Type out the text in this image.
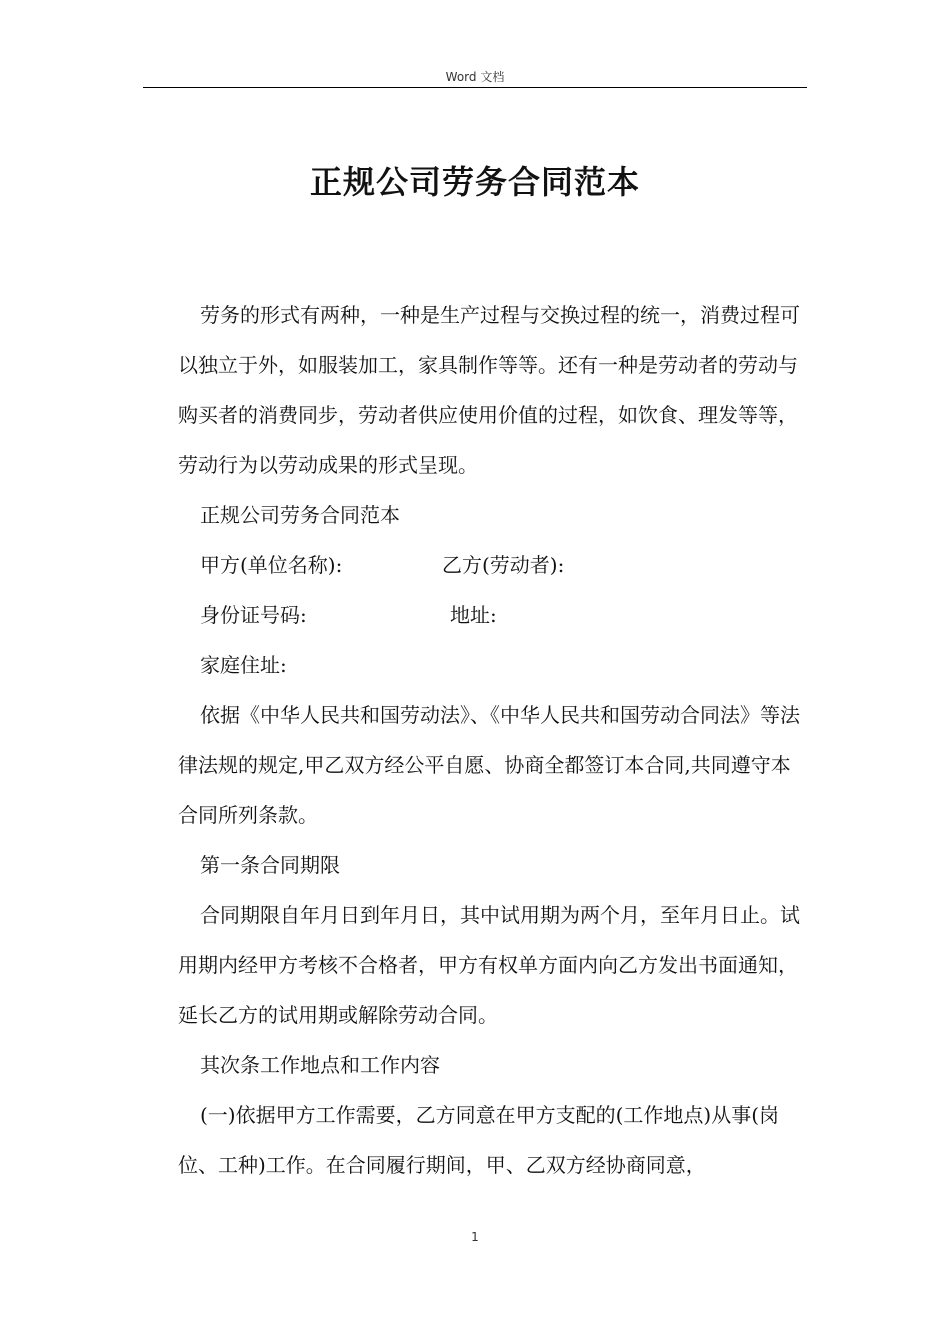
Word 文档
正规公司劳务合同范本

劳务的形式有两种，一种是生产过程与交换过程的统一，消费过程可以独立于外，如服装加工，家具制作等等。还有一种是劳动者的劳动与购买者的消费同步，劳动者供应使用价值的过程，如饮食、理发等等，劳动行为以劳动成果的形式呈现。

正规公司劳务合同范本

甲方(单位名称):	乙方(劳动者):
身份证号码:	地址:

家庭住址:

依据《中华人民共和国劳动法》、《中华人民共和国劳动合同法》等法律法规的规定,甲乙双方经公平自愿、协商全都签订本合同,共同遵守本合同所列条款。

第一条合同期限

合同期限自年月日到年月日，其中试用期为两个月，至年月日止。试用期内经甲方考核不合格者，甲方有权单方面内向乙方发出书面通知，延长乙方的试用期或解除劳动合同。

其次条工作地点和工作内容

(一)依据甲方工作需要，乙方同意在甲方支配的(工作地点)从事(岗位、工种)工作。在合同履行期间，甲、乙双方经协商同意，

1
